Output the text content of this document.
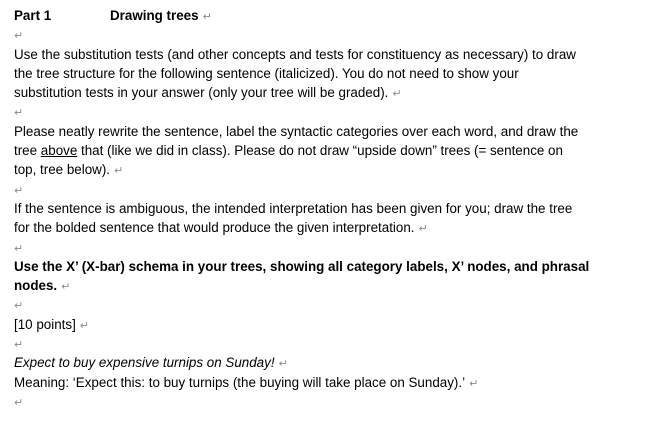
Part 1	Drawing trees ↵
↵
Use the substitution tests (and other concepts and tests for constituency as necessary) to draw
the tree structure for the following sentence (italicized). You do not need to show your
substitution tests in your answer (only your tree will be graded). ↵
↵
Please neatly rewrite the sentence, label the syntactic categories over each word, and draw the
tree above that (like we did in class). Please do not draw “upside down” trees (= sentence on
top, tree below). ↵
↵
If the sentence is ambiguous, the intended interpretation has been given for you; draw the tree
for the bolded sentence that would produce the given interpretation. ↵
↵
Use the X’ (X-bar) schema in your trees, showing all category labels, X’ nodes, and phrasal
nodes. ↵
↵
[10 points] ↵
↵
Expect to buy expensive turnips on Sunday! ↵
Meaning: ‘Expect this: to buy turnips (the buying will take place on Sunday).’ ↵
↵
